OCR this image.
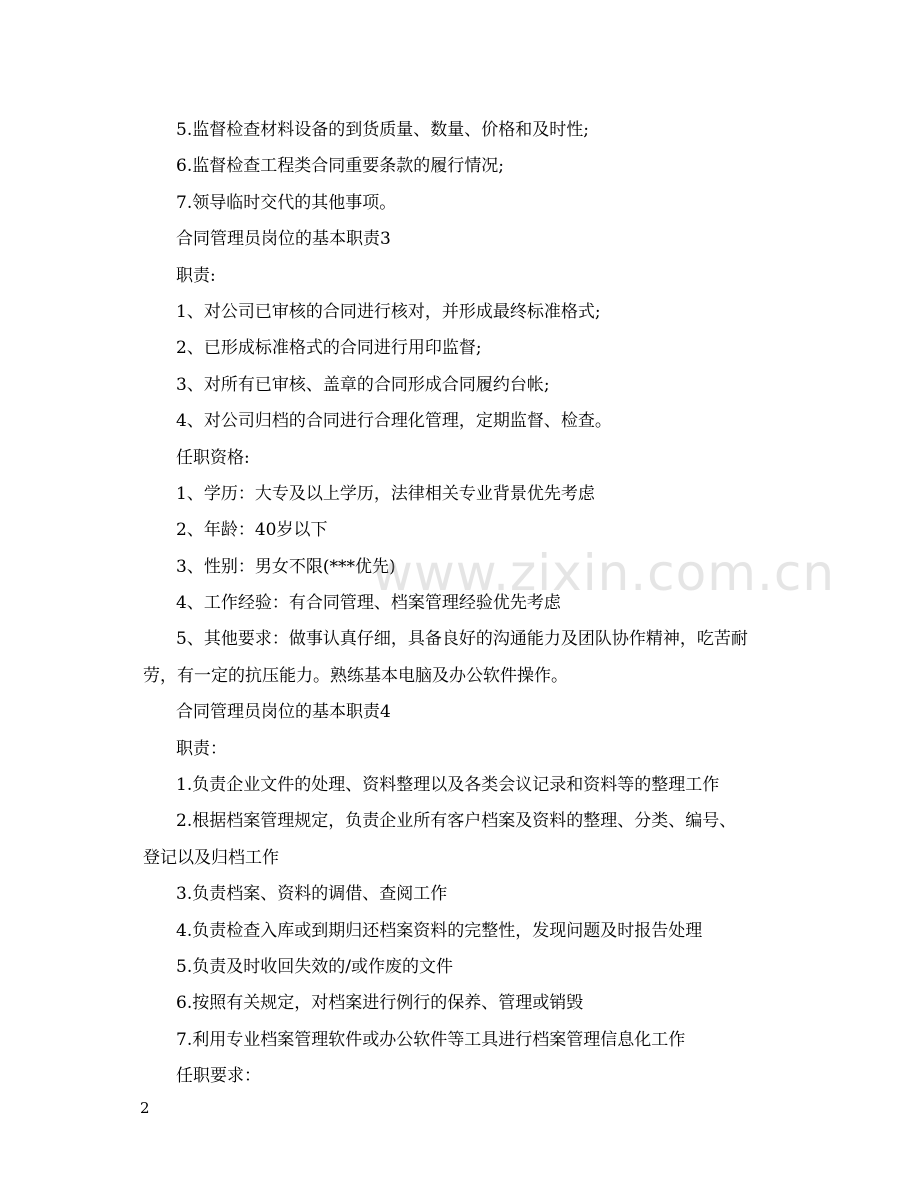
5.监督检查材料设备的到货质量、数量、价格和及时性;
6.监督检查工程类合同重要条款的履行情况;
7.领导临时交代的其他事项。
合同管理员岗位的基本职责3
职责:
1、对公司已审核的合同进行核对，并形成最终标准格式;
2、已形成标准格式的合同进行用印监督;
3、对所有已审核、盖章的合同形成合同履约台帐;
4、对公司归档的合同进行合理化管理，定期监督、检查。
任职资格:
1、学历：大专及以上学历，法律相关专业背景优先考虑
2、年龄：40岁以下
3、性别：男女不限(***优先)
4、工作经验：有合同管理、档案管理经验优先考虑
5、其他要求：做事认真仔细，具备良好的沟通能力及团队协作精神，吃苦耐
劳，有一定的抗压能力。熟练基本电脑及办公软件操作。
合同管理员岗位的基本职责4
职责：
1.负责企业文件的处理、资料整理以及各类会议记录和资料等的整理工作
2.根据档案管理规定，负责企业所有客户档案及资料的整理、分类、编号、
登记以及归档工作
3.负责档案、资料的调借、查阅工作
4.负责检查入库或到期归还档案资料的完整性，发现问题及时报告处理
5.负责及时收回失效的/或作废的文件
6.按照有关规定，对档案进行例行的保养、管理或销毁
7.利用专业档案管理软件或办公软件等工具进行档案管理信息化工作
任职要求：
www.zixin.com.cn
2
